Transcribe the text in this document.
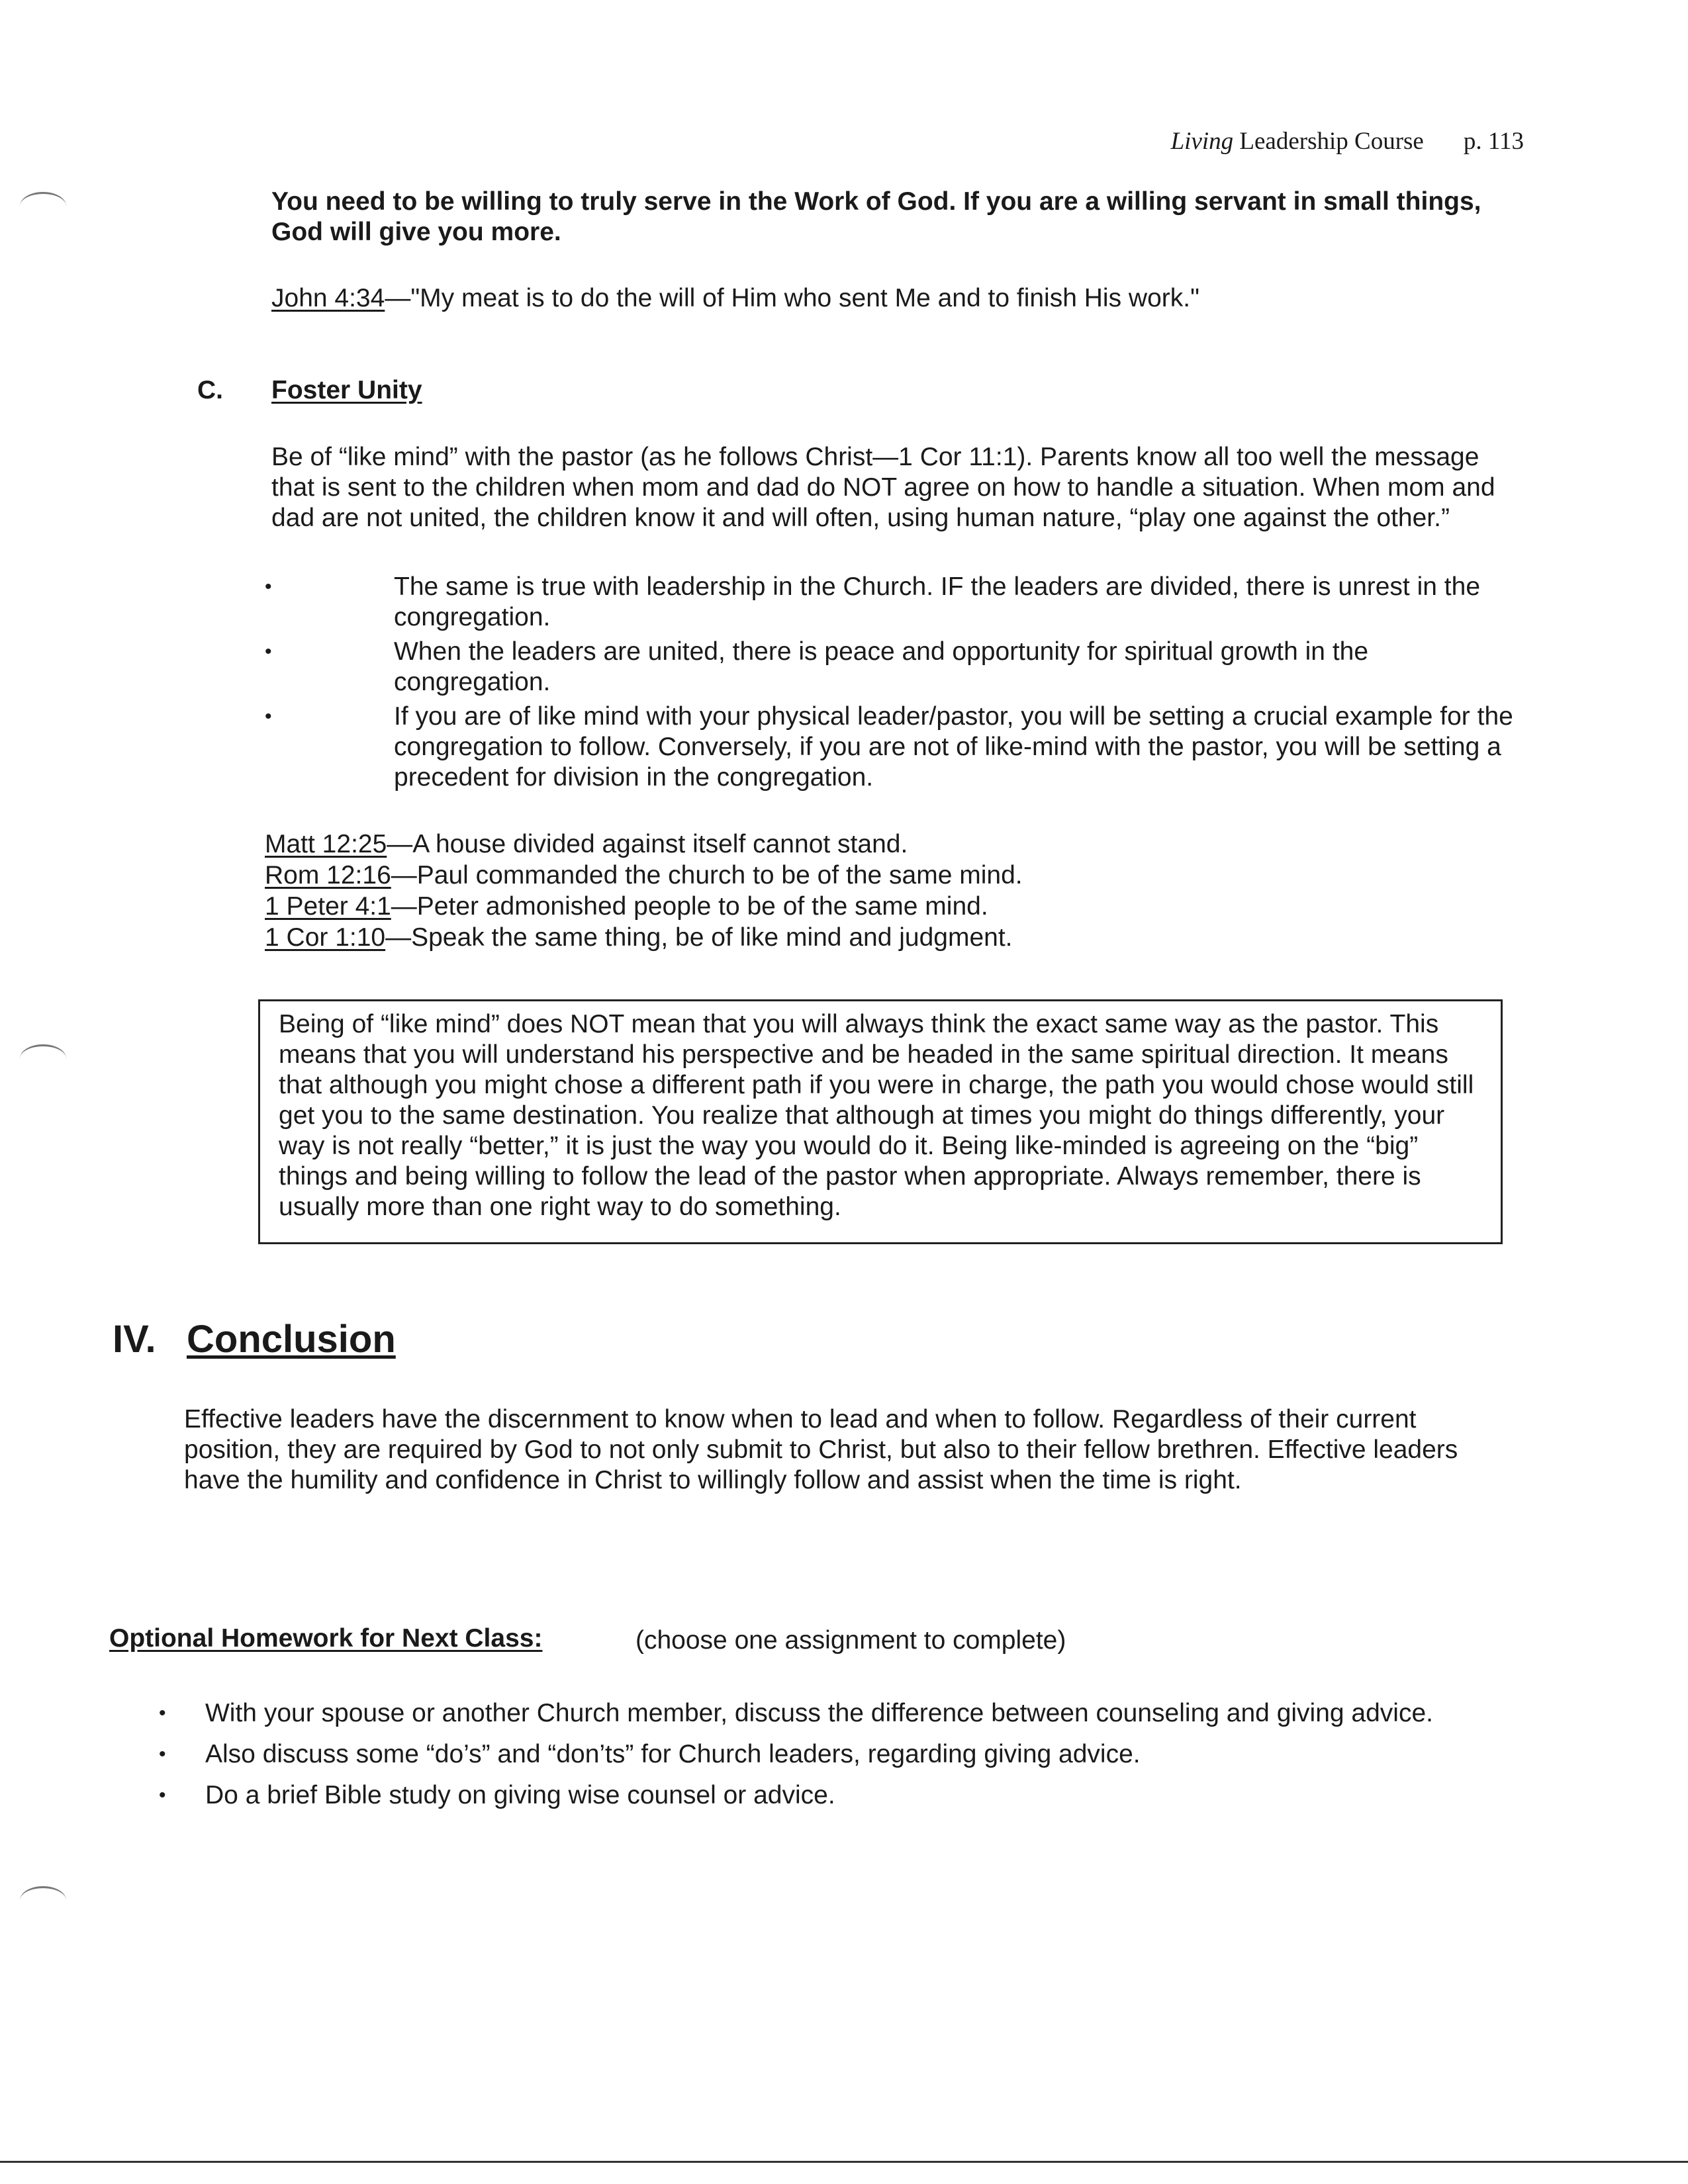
Living Leadership Course p. 113
You need to be willing to truly serve in the Work of God. If you are a willing servant in small things, God will give you more.
John 4:34—"My meat is to do the will of Him who sent Me and to finish His work."
C. Foster Unity
Be of “like mind” with the pastor (as he follows Christ—1 Cor 11:1). Parents know all too well the message that is sent to the children when mom and dad do NOT agree on how to handle a situation. When mom and dad are not united, the children know it and will often, using human nature, “play one against the other.”
•	The same is true with leadership in the Church. IF the leaders are divided, there is unrest in the congregation.
•	When the leaders are united, there is peace and opportunity for spiritual growth in the congregation.
•	If you are of like mind with your physical leader/pastor, you will be setting a crucial example for the congregation to follow. Conversely, if you are not of like-mind with the pastor, you will be setting a precedent for division in the congregation.
Matt 12:25—A house divided against itself cannot stand.
Rom 12:16—Paul commanded the church to be of the same mind.
1 Peter 4:1—Peter admonished people to be of the same mind.
1 Cor 1:10—Speak the same thing, be of like mind and judgment.
Being of “like mind” does NOT mean that you will always think the exact same way as the pastor. This means that you will understand his perspective and be headed in the same spiritual direction. It means that although you might chose a different path if you were in charge, the path you would chose would still get you to the same destination. You realize that although at times you might do things differently, your way is not really “better,” it is just the way you would do it. Being like-minded is agreeing on the “big” things and being willing to follow the lead of the pastor when appropriate. Always remember, there is usually more than one right way to do something.
IV. Conclusion
Effective leaders have the discernment to know when to lead and when to follow. Regardless of their current position, they are required by God to not only submit to Christ, but also to their fellow brethren. Effective leaders have the humility and confidence in Christ to willingly follow and assist when the time is right.
Optional Homework for Next Class:	(choose one assignment to complete)
• With your spouse or another Church member, discuss the difference between counseling and giving advice.
• Also discuss some “do’s” and “don’ts” for Church leaders, regarding giving advice.
• Do a brief Bible study on giving wise counsel or advice.
